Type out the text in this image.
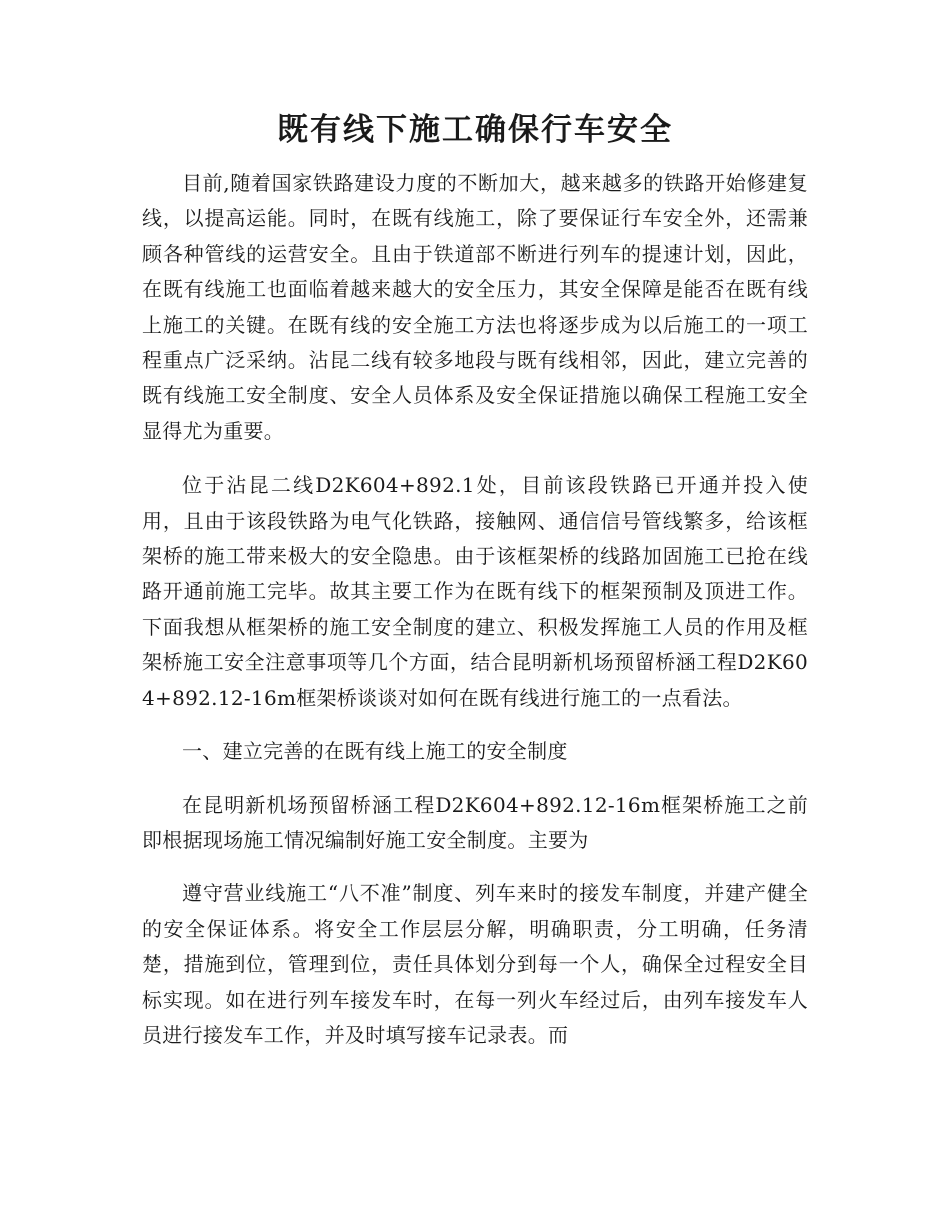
既有线下施工确保行车安全

目前,随着国家铁路建设力度的不断加大，越来越多的铁路开始修建复线，以提高运能。同时，在既有线施工，除了要保证行车安全外，还需兼顾各种管线的运营安全。且由于铁道部不断进行列车的提速计划，因此，在既有线施工也面临着越来越大的安全压力，其安全保障是能否在既有线上施工的关键。在既有线的安全施工方法也将逐步成为以后施工的一项工程重点广泛采纳。沾昆二线有较多地段与既有线相邻，因此，建立完善的既有线施工安全制度、安全人员体系及安全保证措施以确保工程施工安全显得尤为重要。

位于沾昆二线D2K604+892.1处，目前该段铁路已开通并投入使用，且由于该段铁路为电气化铁路，接触网、通信信号管线繁多，给该框架桥的施工带来极大的安全隐患。由于该框架桥的线路加固施工已抢在线路开通前施工完毕。故其主要工作为在既有线下的框架预制及顶进工作。下面我想从框架桥的施工安全制度的建立、积极发挥施工人员的作用及框架桥施工安全注意事项等几个方面，结合昆明新机场预留桥涵工程D2K604+892.12-16m框架桥谈谈对如何在既有线进行施工的一点看法。

一、建立完善的在既有线上施工的安全制度

在昆明新机场预留桥涵工程D2K604+892.12-16m框架桥施工之前即根据现场施工情况编制好施工安全制度。主要为

遵守营业线施工“八不准”制度、列车来时的接发车制度，并建产健全的安全保证体系。将安全工作层层分解，明确职责，分工明确，任务清楚，措施到位，管理到位，责任具体划分到每一个人，确保全过程安全目标实现。如在进行列车接发车时，在每一列火车经过后，由列车接发车人员进行接发车工作，并及时填写接车记录表。而
